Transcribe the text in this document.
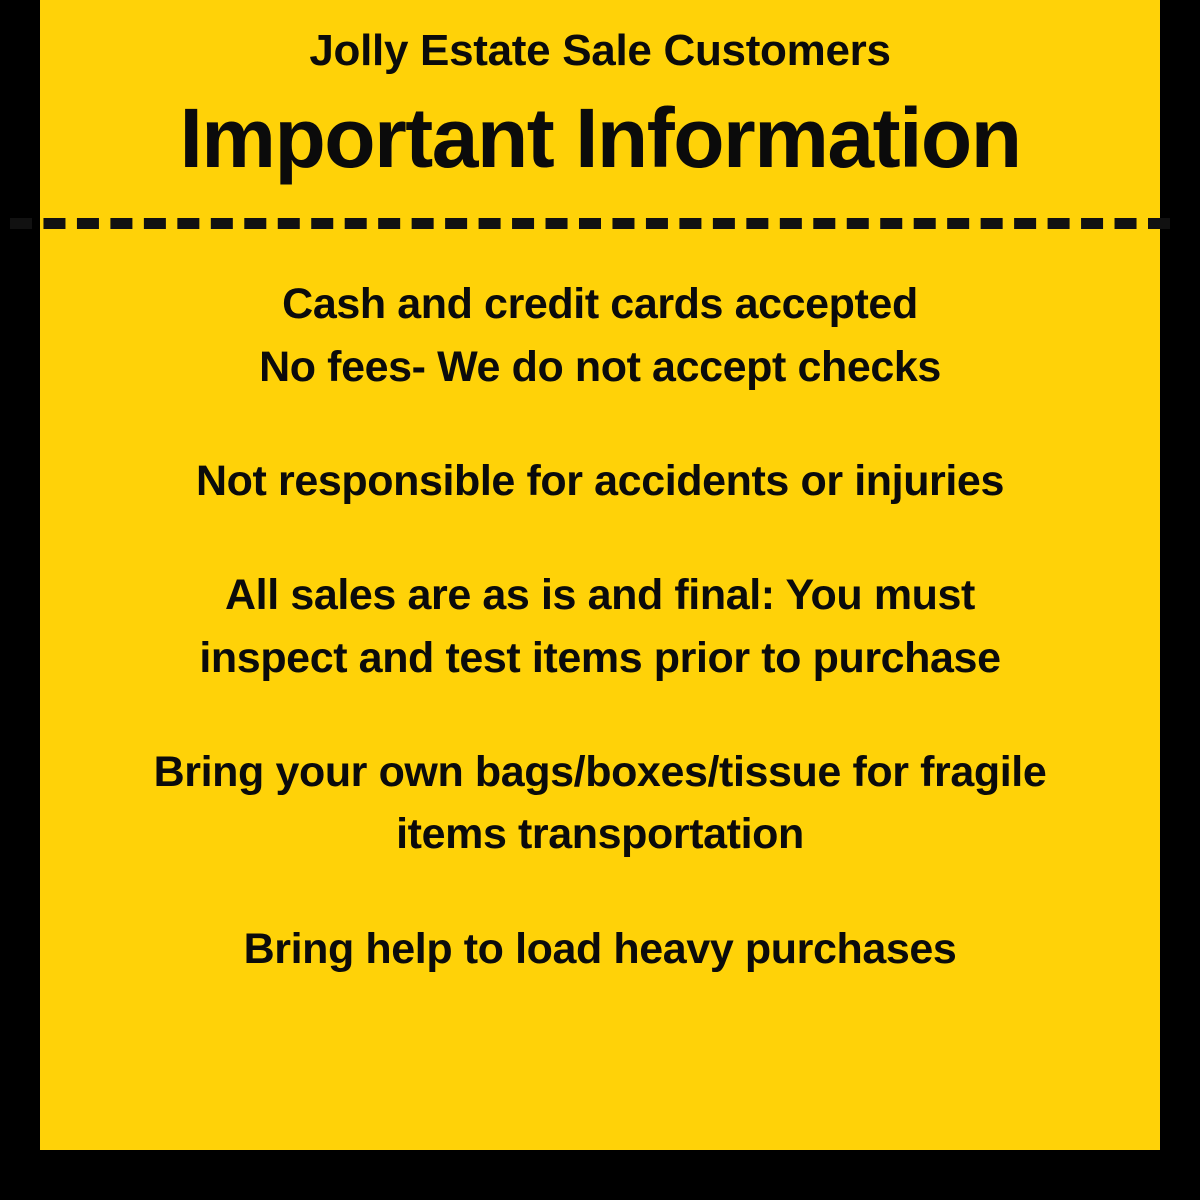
Jolly Estate Sale Customers
Important Information

Cash and credit cards accepted
No fees- We do not accept checks

Not responsible for accidents or injuries

All sales are as is and final: You must
inspect and test items prior to purchase

Bring your own bags/boxes/tissue for fragile
items transportation

Bring help to load heavy purchases
